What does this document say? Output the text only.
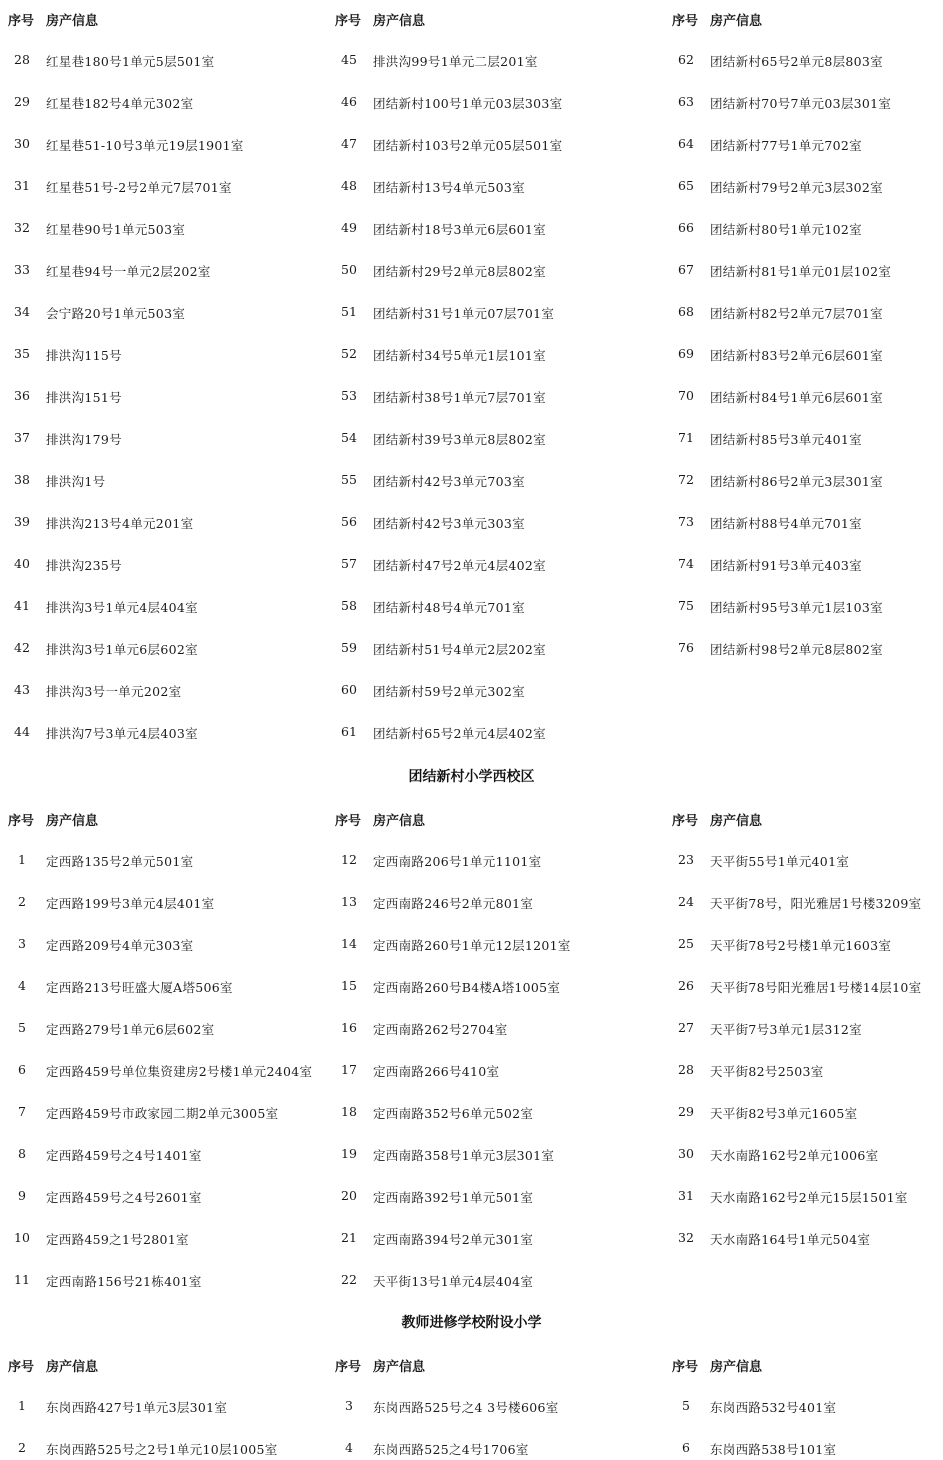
序号 房产信息
28	红星巷180号1单元5层501室
29	红星巷182号4单元302室
30	红星巷51-10号3单元19层1901室
31	红星巷51号-2号2单元7层701室
32	红星巷90号1单元503室
33	红星巷94号一单元2层202室
34	会宁路20号1单元503室
35	排洪沟115号
36	排洪沟151号
37	排洪沟179号
38	排洪沟1号
39	排洪沟213号4单元201室
40	排洪沟235号
41	排洪沟3号1单元4层404室
42	排洪沟3号1单元6层602室
43	排洪沟3号一单元202室
44	排洪沟7号3单元4层403室
序号 房产信息
45	排洪沟99号1单元二层201室
46	团结新村100号1单元03层303室
47	团结新村103号2单元05层501室
48	团结新村13号4单元503室
49	团结新村18号3单元6层601室
50	团结新村29号2单元8层802室
51	团结新村31号1单元07层701室
52	团结新村34号5单元1层101室
53	团结新村38号1单元7层701室
54	团结新村39号3单元8层802室
55	团结新村42号3单元703室
56	团结新村42号3单元303室
57	团结新村47号2单元4层402室
58	团结新村48号4单元701室
59	团结新村51号4单元2层202室
60	团结新村59号2单元302室
61	团结新村65号2单元4层402室
序号 房产信息
62	团结新村65号2单元8层803室
63	团结新村70号7单元03层301室
64	团结新村77号1单元702室
65	团结新村79号2单元3层302室
66	团结新村80号1单元102室
67	团结新村81号1单元01层102室
68	团结新村82号2单元7层701室
69	团结新村83号2单元6层601室
70	团结新村84号1单元6层601室
71	团结新村85号3单元401室
72	团结新村86号2单元3层301室
73	团结新村88号4单元701室
74	团结新村91号3单元403室
75	团结新村95号3单元1层103室
76	团结新村98号2单元8层802室
团结新村小学西校区
序号 房产信息
1	定西路135号2单元501室
2	定西路199号3单元4层401室
3	定西路209号4单元303室
4	定西路213号旺盛大厦A塔506室
5	定西路279号1单元6层602室
6	定西路459号单位集资建房2号楼1单元2404室
7	定西路459号市政家园二期2单元3005室
8	定西路459号之4号1401室
9	定西路459号之4号2601室
10	定西路459之1号2801室
11	定西南路156号21栋401室
序号 房产信息
12	定西南路206号1单元1101室
13	定西南路246号2单元801室
14	定西南路260号1单元12层1201室
15	定西南路260号B4楼A塔1005室
16	定西南路262号2704室
17	定西南路266号410室
18	定西南路352号6单元502室
19	定西南路358号1单元3层301室
20	定西南路392号1单元501室
21	定西南路394号2单元301室
22	天平街13号1单元4层404室
序号 房产信息
23	天平街55号1单元401室
24	天平街78号，阳光雅居1号楼3209室
25	天平街78号2号楼1单元1603室
26	天平街78号阳光雅居1号楼14层10室
27	天平街7号3单元1层312室
28	天平街82号2503室
29	天平街82号3单元1605室
30	天水南路162号2单元1006室
31	天水南路162号2单元15层1501室
32	天水南路164号1单元504室
教师进修学校附设小学
序号 房产信息
1	东岗西路427号1单元3层301室
2	东岗西路525号之2号1单元10层1005室
序号 房产信息
3	东岗西路525号之4 3号楼606室
4	东岗西路525之4号1706室
序号 房产信息
5	东岗西路532号401室
6	东岗西路538号101室
